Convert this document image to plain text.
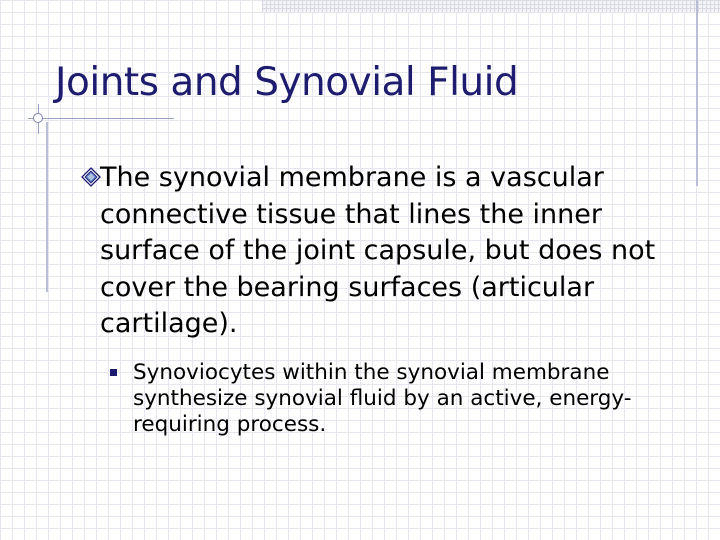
Joints and Synovial Fluid
The synovial membrane is a vascular connective tissue that lines the inner surface of the joint capsule, but does not cover the bearing surfaces (articular cartilage).
Synoviocytes within the synovial membrane synthesize synovial fluid by an active, energy-requiring process.
